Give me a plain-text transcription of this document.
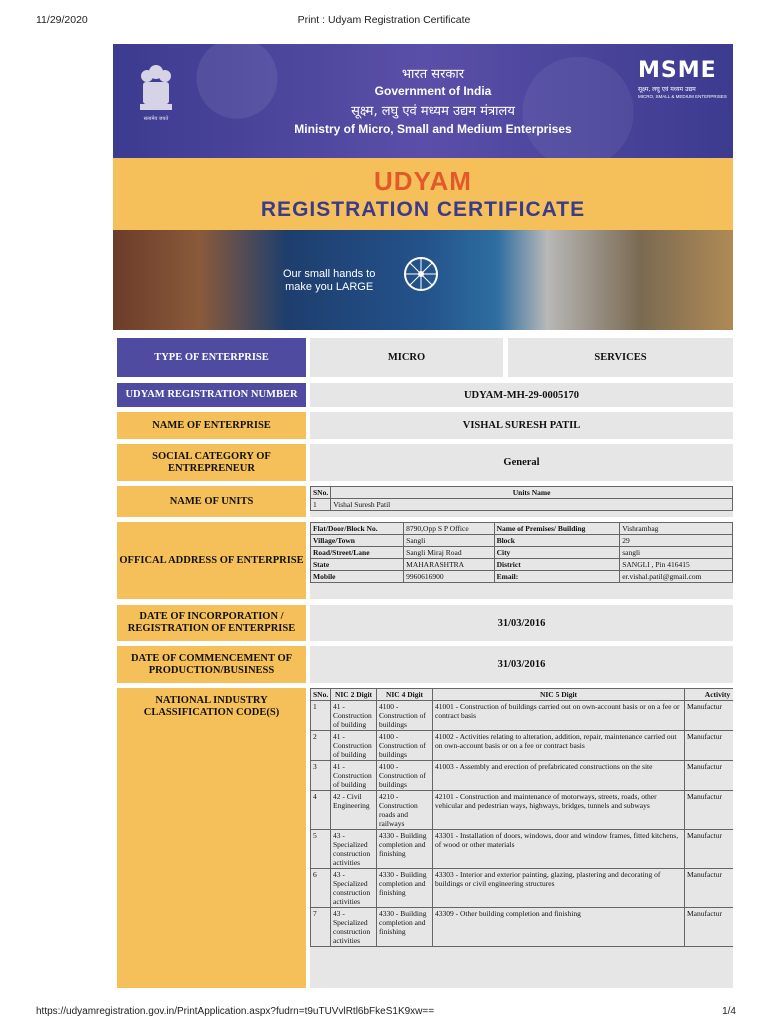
11/29/2020	Print : Udyam Registration Certificate
सत्यमेव जयते
भारत सरकार
Government of India
सूक्ष्म, लघु एवं मध्यम उद्यम मंत्रालय
Ministry of Micro, Small and Medium Enterprises
MSME
सूक्ष्म, लघु एवं मध्यम उद्यम
MICRO, SMALL & MEDIUM ENTERPRISES
UDYAM
REGISTRATION CERTIFICATE
Our small hands to
make you LARGE
TYPE OF ENTERPRISE	MICRO	SERVICES
UDYAM REGISTRATION NUMBER	UDYAM-MH-29-0005170
NAME OF ENTERPRISE	VISHAL SURESH PATIL
SOCIAL CATEGORY OF ENTREPRENEUR	General
NAME OF UNITS
SNo.	Units Name
1	Vishal Suresh Patil
OFFICAL ADDRESS OF ENTERPRISE
Flat/Door/Block No.	8790,Opp S P Office	Name of Premises/ Building	Vishrambag
Village/Town	Sangli	Block	29
Road/Street/Lane	Sangli Miraj Road	City	sangli
State	MAHARASHTRA	District	SANGLI , Pin 416415
Mobile	9960616900	Email:	er.vishal.patil@gmail.com
DATE OF INCORPORATION / REGISTRATION OF ENTERPRISE	31/03/2016
DATE OF COMMENCEMENT OF PRODUCTION/BUSINESS	31/03/2016
NATIONAL INDUSTRY CLASSIFICATION CODE(S)
SNo.	NIC 2 Digit	NIC 4 Digit	NIC 5 Digit	Activity
1	41 - Construction of building	4100 - Construction of buildings	41001 - Construction of buildings carried out on own-account basis or on a fee or contract basis	Manufactur
2	41 - Construction of building	4100 - Construction of buildings	41002 - Activities relating to alteration, addition, repair, maintenance carried out on own-account basis or on a fee or contract basis	Manufactur
3	41 - Construction of building	4100 - Construction of buildings	41003 - Assembly and erection of prefabricated constructions on the site	Manufactur
4	42 - Civil Engineering	4210 - Construction roads and railways	42101 - Construction and maintenance of motorways, streets, roads, other vehicular and pedestrian ways, highways, bridges, tunnels and subways	Manufactur
5	43 - Specialized construction activities	4330 - Building completion and finishing	43301 - Installation of doors, windows, door and window frames, fitted kitchens, of wood or other materials	Manufactur
6	43 - Specialized construction activities	4330 - Building completion and finishing	43303 - Interior and exterior painting, glazing, plastering and decorating of buildings or civil engineering structures	Manufactur
7	43 - Specialized construction activities	4330 - Building completion and finishing	43309 - Other building completion and finishing	Manufactur
https://udyamregistration.gov.in/PrintApplication.aspx?fudrn=t9uTUVvlRtl6bFkeS1K9xw==	1/4
